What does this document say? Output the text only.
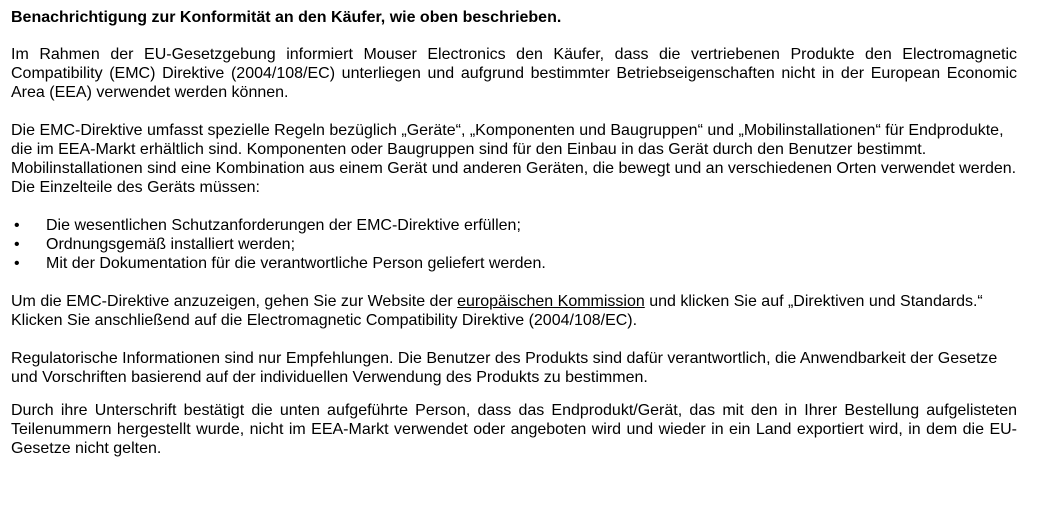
Benachrichtigung zur Konformität an den Käufer, wie oben beschrieben.

Im Rahmen der EU-Gesetzgebung informiert Mouser Electronics den Käufer, dass die vertriebenen Produkte den Electromagnetic Compatibility (EMC) Direktive (2004/108/EC) unterliegen und aufgrund bestimmter Betriebseigenschaften nicht in der European Economic Area (EEA) verwendet werden können.

Die EMC-Direktive umfasst spezielle Regeln bezüglich „Geräte“, „Komponenten und Baugruppen“ und „Mobilinstallationen“ für Endprodukte, die im EEA-Markt erhältlich sind. Komponenten oder Baugruppen sind für den Einbau in das Gerät durch den Benutzer bestimmt. Mobilinstallationen sind eine Kombination aus einem Gerät und anderen Geräten, die bewegt und an verschiedenen Orten verwendet werden. Die Einzelteile des Geräts müssen:

• Die wesentlichen Schutzanforderungen der EMC-Direktive erfüllen;
• Ordnungsgemäß installiert werden;
• Mit der Dokumentation für die verantwortliche Person geliefert werden.

Um die EMC-Direktive anzuzeigen, gehen Sie zur Website der europäischen Kommission und klicken Sie auf „Direktiven und Standards.“ Klicken Sie anschließend auf die Electromagnetic Compatibility Direktive (2004/108/EC).

Regulatorische Informationen sind nur Empfehlungen. Die Benutzer des Produkts sind dafür verantwortlich, die Anwendbarkeit der Gesetze und Vorschriften basierend auf der individuellen Verwendung des Produkts zu bestimmen.

Durch ihre Unterschrift bestätigt die unten aufgeführte Person, dass das Endprodukt/Gerät, das mit den in Ihrer Bestellung aufgelisteten Teilenummern hergestellt wurde, nicht im EEA-Markt verwendet oder angeboten wird und wieder in ein Land exportiert wird, in dem die EU-Gesetze nicht gelten.
